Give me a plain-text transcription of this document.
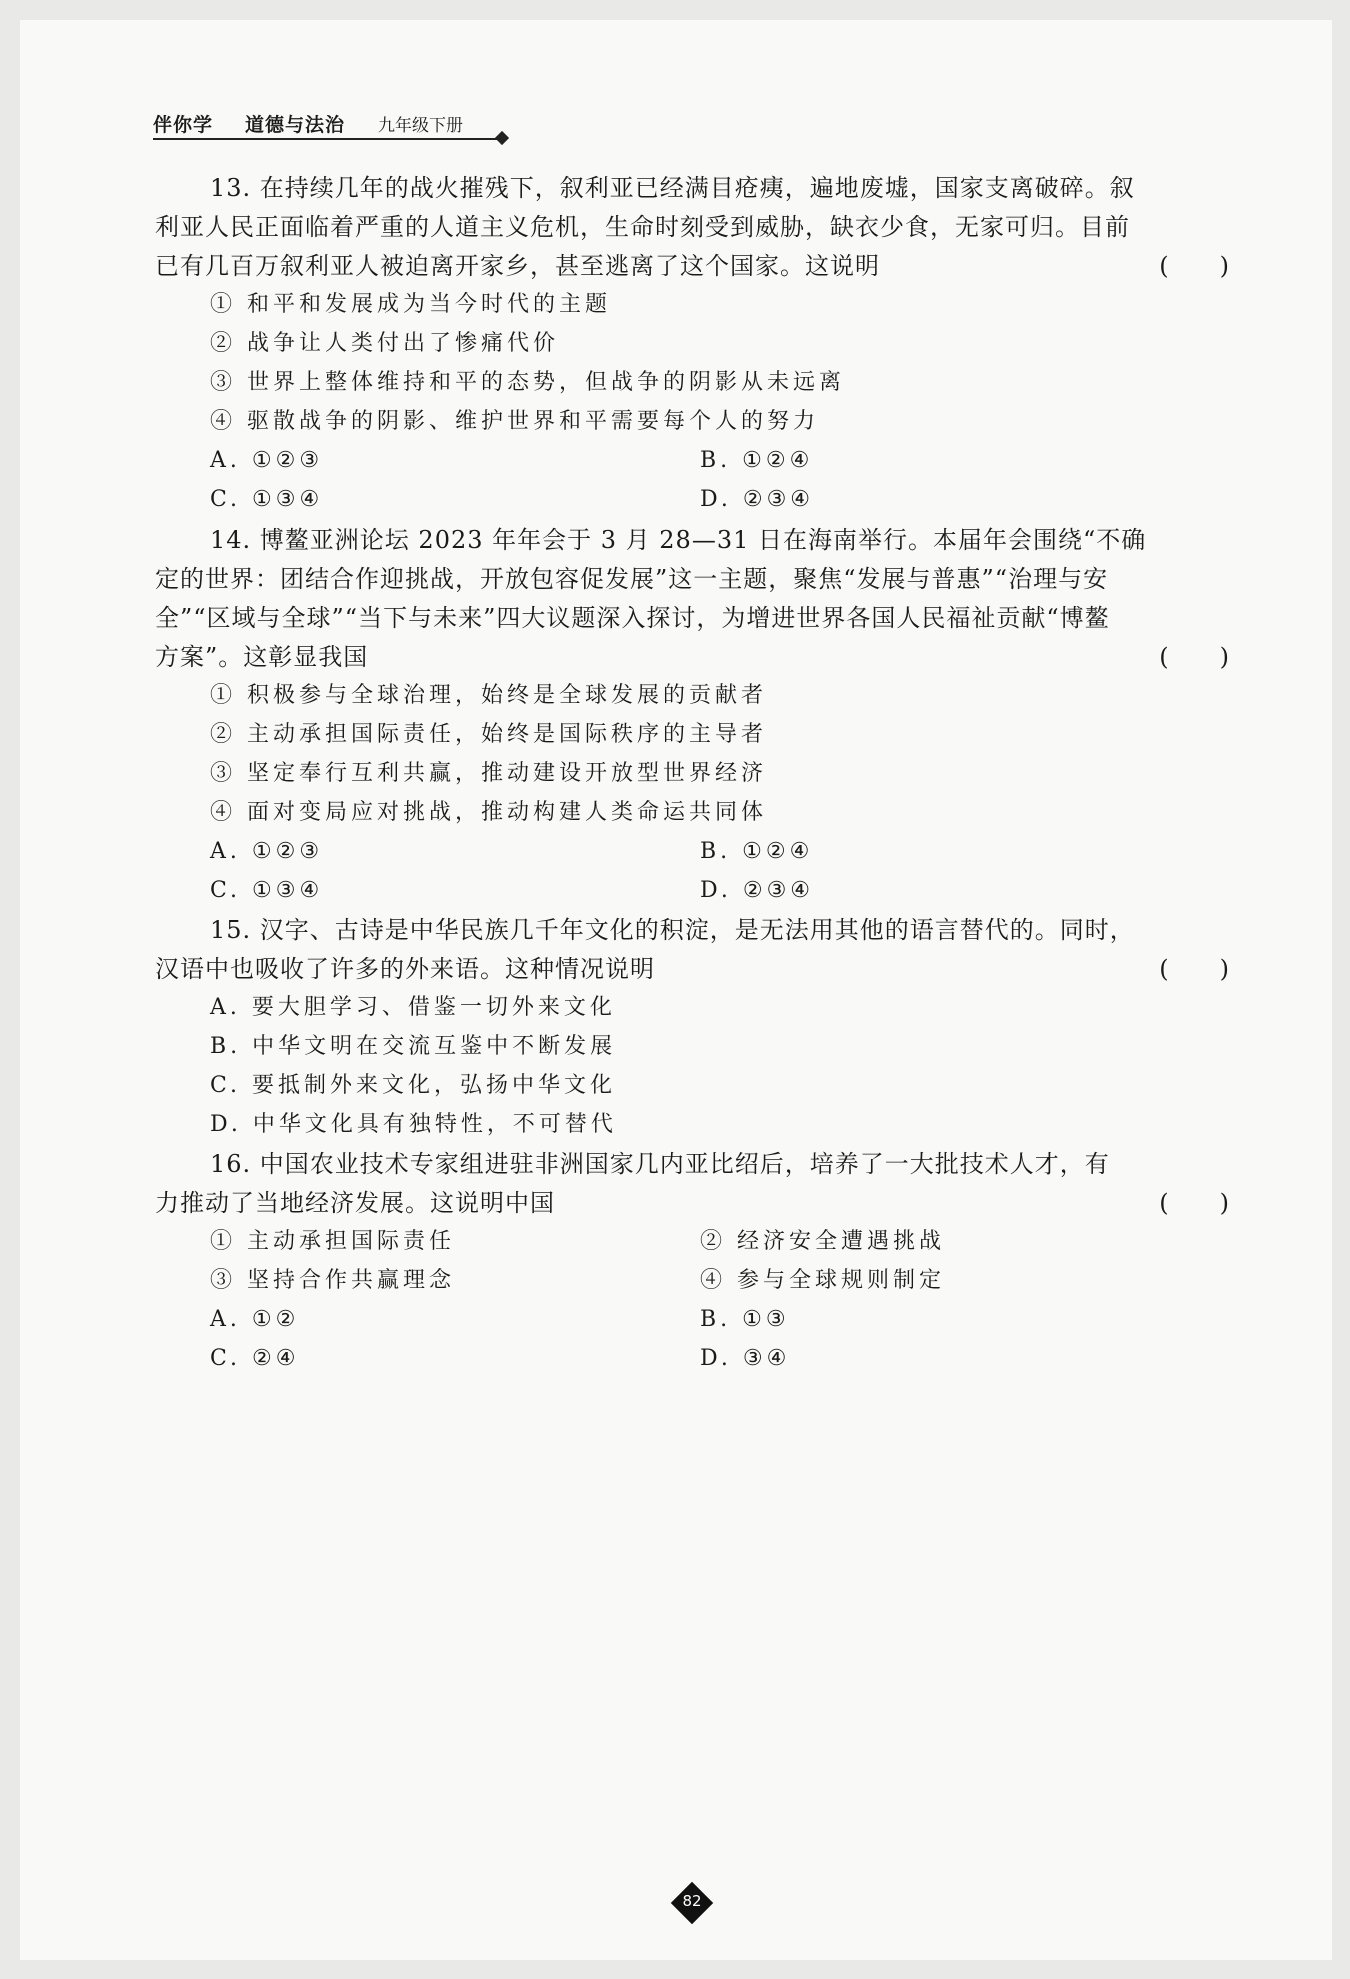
伴你学 道德与法治 九年级下册
13. 在持续几年的战火摧残下，叙利亚已经满目疮痍，遍地废墟，国家支离破碎。叙
利亚人民正面临着严重的人道主义危机，生命时刻受到威胁，缺衣少食，无家可归。目前
已有几百万叙利亚人被迫离开家乡，甚至逃离了这个国家。这说明	(　　)
① 和平和发展成为当今时代的主题
② 战争让人类付出了惨痛代价
③ 世界上整体维持和平的态势，但战争的阴影从未远离
④ 驱散战争的阴影、维护世界和平需要每个人的努力
A. ①②③	B. ①②④
C. ①③④	D. ②③④
14. 博鳌亚洲论坛 2023 年年会于 3 月 28—31 日在海南举行。本届年会围绕“不确
定的世界：团结合作迎挑战，开放包容促发展”这一主题，聚焦“发展与普惠”“治理与安
全”“区域与全球”“当下与未来”四大议题深入探讨，为增进世界各国人民福祉贡献“博鳌
方案”。这彰显我国	(　　)
① 积极参与全球治理，始终是全球发展的贡献者
② 主动承担国际责任，始终是国际秩序的主导者
③ 坚定奉行互利共赢，推动建设开放型世界经济
④ 面对变局应对挑战，推动构建人类命运共同体
A. ①②③	B. ①②④
C. ①③④	D. ②③④
15. 汉字、古诗是中华民族几千年文化的积淀，是无法用其他的语言替代的。同时，
汉语中也吸收了许多的外来语。这种情况说明	(　　)
A. 要大胆学习、借鉴一切外来文化
B. 中华文明在交流互鉴中不断发展
C. 要抵制外来文化，弘扬中华文化
D. 中华文化具有独特性，不可替代
16. 中国农业技术专家组进驻非洲国家几内亚比绍后，培养了一大批技术人才，有
力推动了当地经济发展。这说明中国	(　　)
① 主动承担国际责任	② 经济安全遭遇挑战
③ 坚持合作共赢理念	④ 参与全球规则制定
A. ①②	B. ①③
C. ②④	D. ③④
82
